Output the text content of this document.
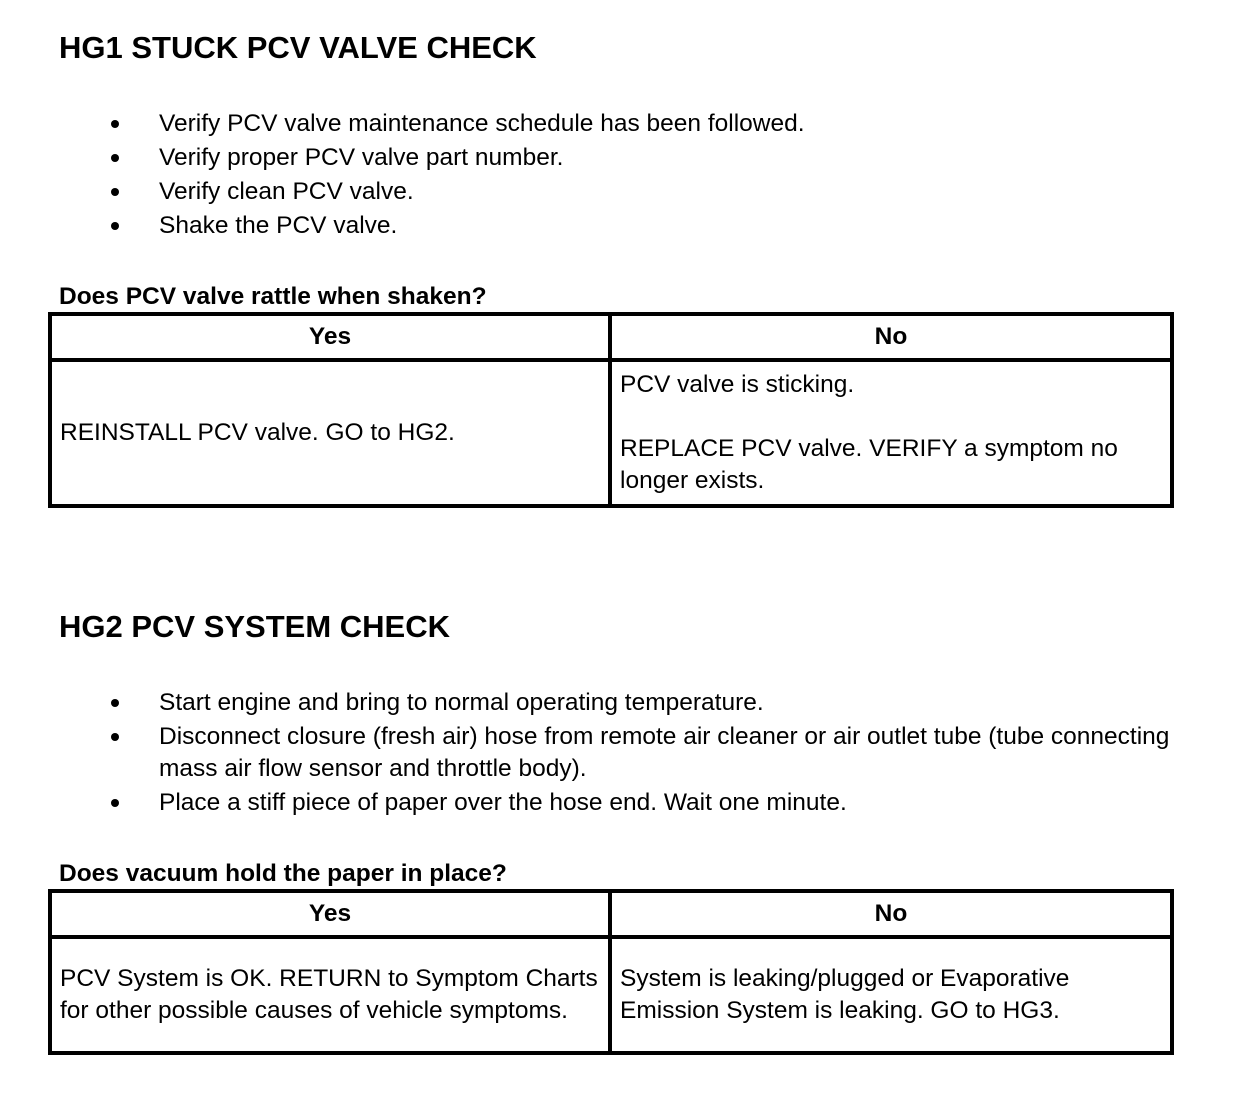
HG1 STUCK PCV VALVE CHECK
Verify PCV valve maintenance schedule has been followed.
Verify proper PCV valve part number.
Verify clean PCV valve.
Shake the PCV valve.

Does PCV valve rattle when shaken?

Yes	No
REINSTALL PCV valve. GO to HG2.	PCV valve is sticking.
REPLACE PCV valve. VERIFY a symptom no longer exists.
HG2 PCV SYSTEM CHECK
Start engine and bring to normal operating temperature.
Disconnect closure (fresh air) hose from remote air cleaner or air outlet tube (tube connecting mass air flow sensor and throttle body).
Place a stiff piece of paper over the hose end. Wait one minute.

Does vacuum hold the paper in place?

Yes	No
PCV System is OK. RETURN to Symptom Charts for other possible causes of vehicle symptoms.	System is leaking/plugged or Evaporative Emission System is leaking. GO to HG3.
